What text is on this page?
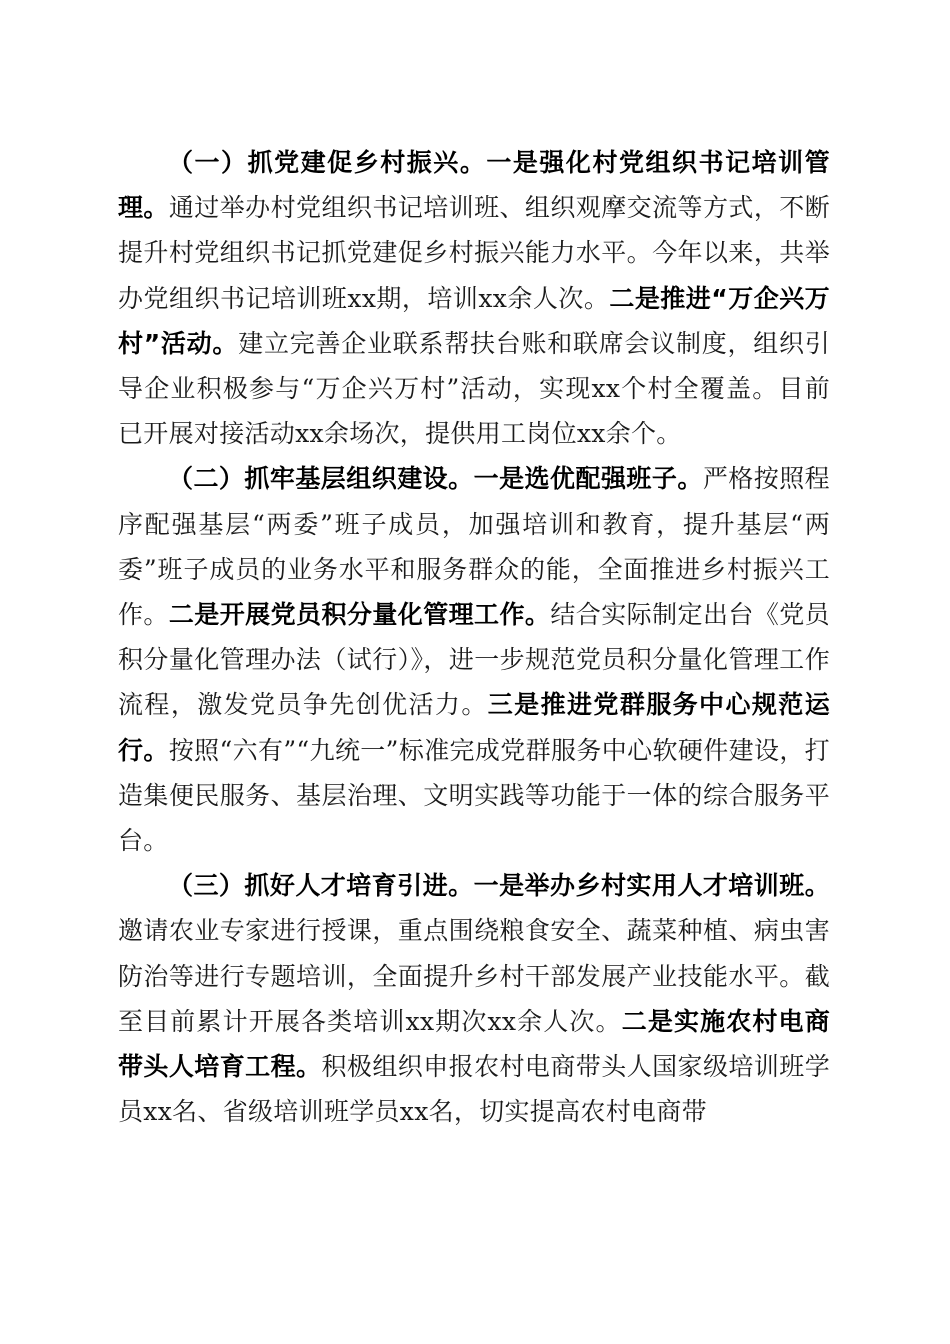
（一）抓党建促乡村振兴。一是强化村党组织书记培训管理。通过举办村党组织书记培训班、组织观摩交流等方式，不断提升村党组织书记抓党建促乡村振兴能力水平。今年以来，共举办党组织书记培训班xx期，培训xx余人次。二是推进“万企兴万村”活动。建立完善企业联系帮扶台账和联席会议制度，组织引导企业积极参与“万企兴万村”活动，实现xx个村全覆盖。目前已开展对接活动xx余场次，提供用工岗位xx余个。

（二）抓牢基层组织建设。一是选优配强班子。严格按照程序配强基层“两委”班子成员，加强培训和教育，提升基层“两委”班子成员的业务水平和服务群众的能，全面推进乡村振兴工作。二是开展党员积分量化管理工作。结合实际制定出台《党员积分量化管理办法（试行）》，进一步规范党员积分量化管理工作流程，激发党员争先创优活力。三是推进党群服务中心规范运行。按照“六有”“九统一”标准完成党群服务中心软硬件建设，打造集便民服务、基层治理、文明实践等功能于一体的综合服务平台。

（三）抓好人才培育引进。一是举办乡村实用人才培训班。邀请农业专家进行授课，重点围绕粮食安全、蔬菜种植、病虫害防治等进行专题培训，全面提升乡村干部发展产业技能水平。截至目前累计开展各类培训xx期次xx余人次。二是实施农村电商带头人培育工程。积极组织申报农村电商带头人国家级培训班学员xx名、省级培训班学员xx名，切实提高农村电商带
